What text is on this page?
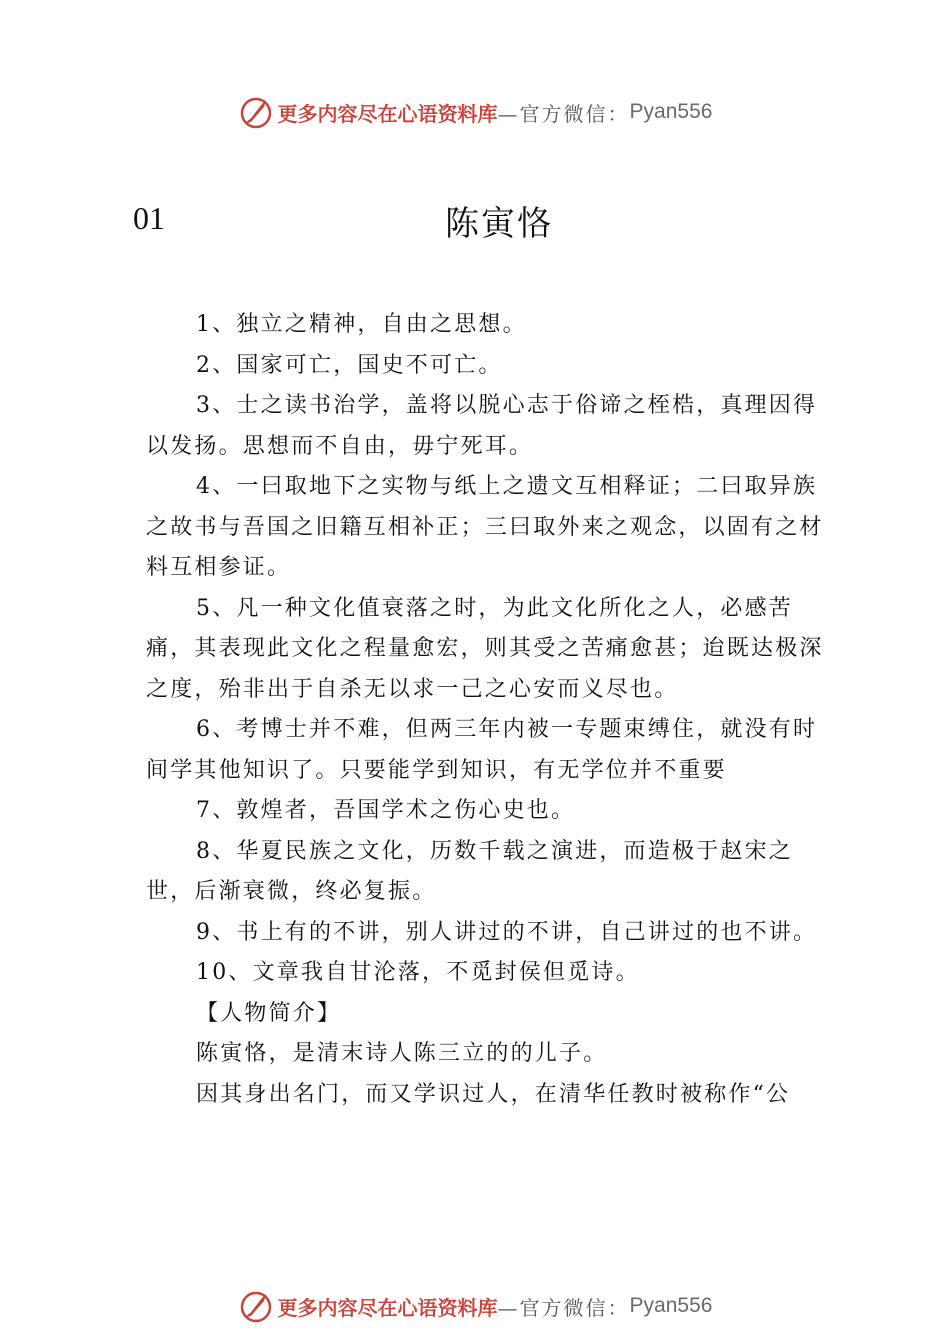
更多内容尽在心语资料库 —官方微信： Pyan556
01	陈寅恪

1、独立之精神，自由之思想。

2、国家可亡，国史不可亡。

3、士之读书治学，盖将以脱心志于俗谛之桎梏，真理因得以发扬。思想而不自由，毋宁死耳。

4、一曰取地下之实物与纸上之遗文互相释证；二曰取异族之故书与吾国之旧籍互相补正；三曰取外来之观念，以固有之材料互相参证。

5、凡一种文化值衰落之时，为此文化所化之人，必感苦痛，其表现此文化之程量愈宏，则其受之苦痛愈甚；迨既达极深之度，殆非出于自杀无以求一己之心安而义尽也。

6、考博士并不难，但两三年内被一专题束缚住，就没有时间学其他知识了。只要能学到知识，有无学位并不重要

7、敦煌者，吾国学术之伤心史也。

8、华夏民族之文化，历数千载之演进，而造极于赵宋之世，后渐衰微，终必复振。

9、书上有的不讲，别人讲过的不讲，自己讲过的也不讲。

10、文章我自甘沦落，不觅封侯但觅诗。

【人物简介】

陈寅恪，是清末诗人陈三立的的儿子。

因其身出名门，而又学识过人，在清华任教时被称作“公

更多内容尽在心语资料库 —官方微信： Pyan556
